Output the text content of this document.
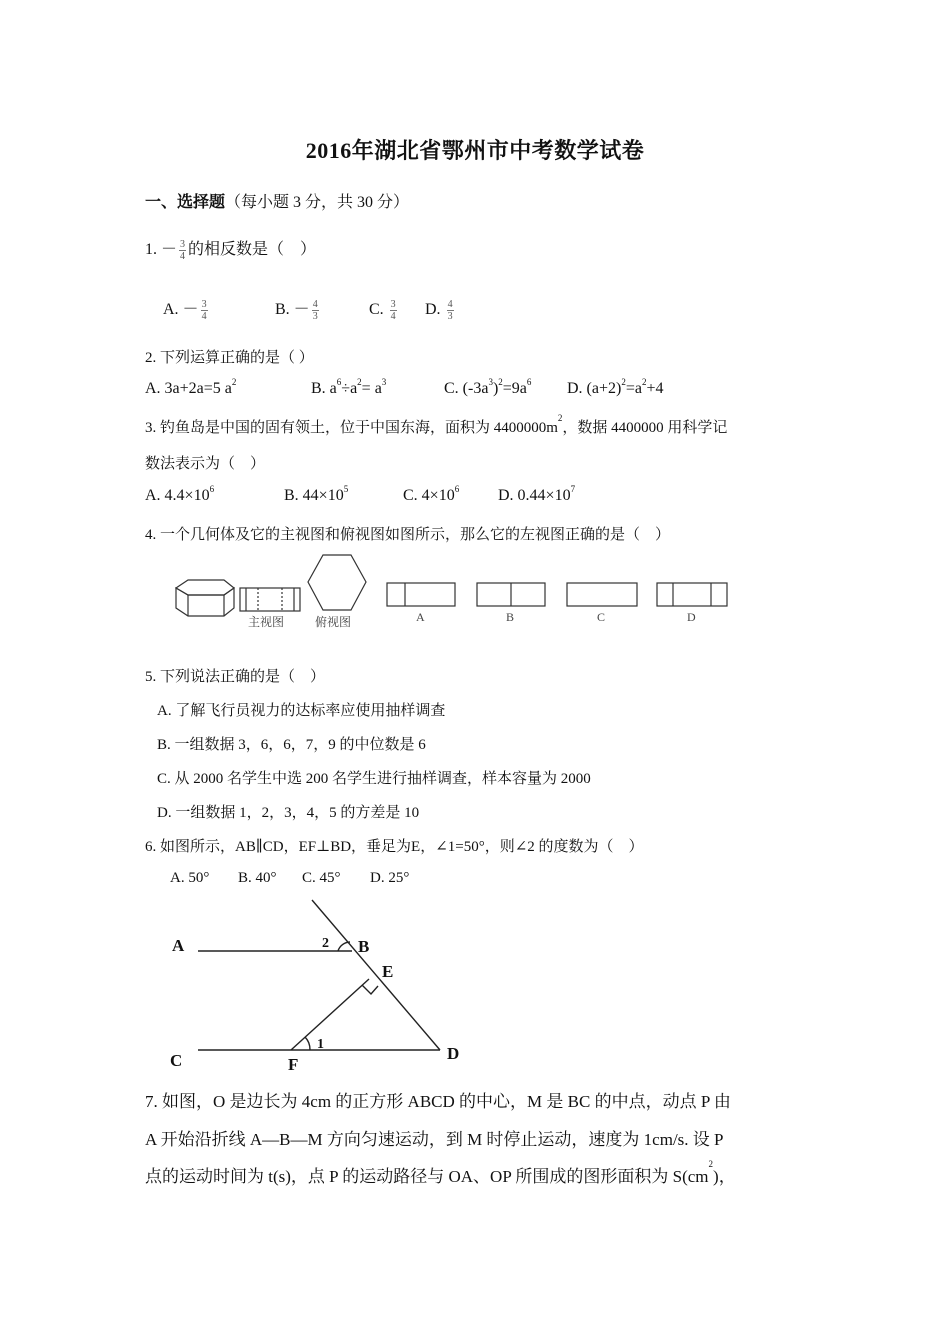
2016年湖北省鄂州市中考数学试卷
一、选择题（每小题 3 分，共 30 分）
1. － $\frac{3}{4}$ 的相反数是（　）
A. － $\frac{3}{4}$	B. － $\frac{4}{3}$	C. $\frac{3}{4} D$. $\frac{4}{3}$
2. 下列运算正确的是（ ）
A. 3a+2a=5 $a^2$	B. $a^6\div a^2= a^3$	C. $(-3a^3)^2=9a^6$ D. $(a+2)^2=a^2+4$
3. 钓鱼岛是中国的固有领土，位于中国东海，面积为 $4400000m^2$，数据 4400000 用科学记
数法表示为（　）
A. $4.4\times 10^6$	B. $44\times 10^5$	C. $4\times 10^6$ D. $0.44\times 10^7$
4. 一个几何体及它的主视图和俯视图如图所示，那么它的左视图正确的是（　）
主视图	俯视图	A	B	C	D
5. 下列说法正确的是（　）
A. 了解飞行员视力的达标率应使用抽样调查
B. 一组数据 3，6，6，7，9 的中位数是 6
C. 从 2000 名学生中选 200 名学生进行抽样调查，样本容量为 2000
D. 一组数据 1，2，3，4，5 的方差是 10
6. 如图所示，AB∥CD，EF⊥BD，垂足为E，∠1=50°，则∠2 的度数为（　）
A. 50° B. 40° C. 45° D. 25°
A	B
C	D
E
F
1
2
7. 如图，O 是边长为 4cm 的正方形 ABCD 的中心，M 是 BC 的中点，动点 P 由
A 开始沿折线 A—B—M 方向匀速运动，到 M 时停止运动，速度为 1cm/s. 设 P
点的运动时间为 t(s)，点 P 的运动路径与 OA、OP 所围成的图形面积为 $S(cm^2)$，
